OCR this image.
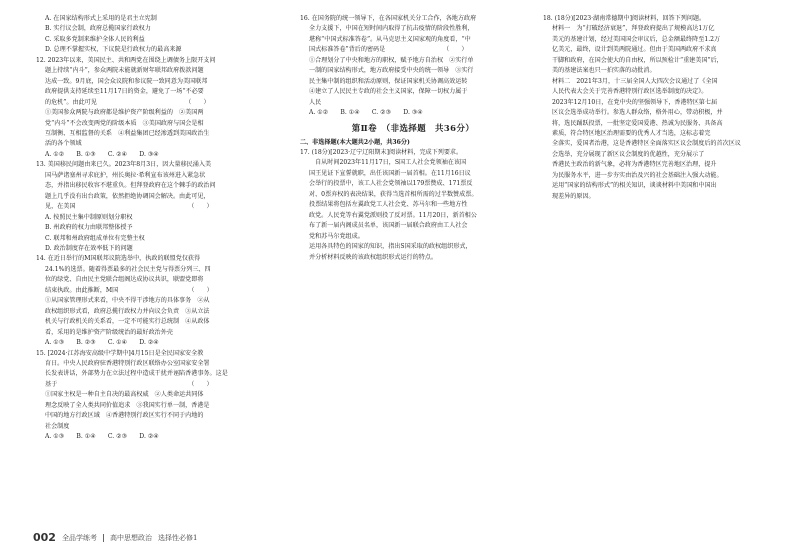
A. 在国家结构形式上采用的是君主立宪制
B. 实行议会制，政府总揽国家行政权力
C. 采取多党制来维护全体人民的利益
D. 总理不掌握实权，下议院是行政权力的最高来源
12. 2023年以来，美国民主、共和两党在围绕上调债务上限开支问
题上持续“内斗”，参众两院未能就新财年联邦政府拨款问题
达成一致。9月底，国会众议院和参议院一致同意为美国联邦
政府提供支持延续至11月17日的资金，避免了一场“不必要
的危机”。由此可见　　　　　　　　　　　　　　　（　　）
①美国参众两院与政府都是维护资产阶级利益的　②美国两
党“内斗”不会改变两党的阶级本质　③美国政府与国会是相
互制衡、互相监督的关系　④利益集团已经渗透到美国政治生
活的各个领域
A. ①②　　B. ①③　　C. ②④　　D. ③④
13. 美国移民问题由来已久。2023年8月3日，因大量移民涌入美
国马萨诸塞州寻求庇护，州长奥拉·希利宣布该州进入紧急状
态，并指出移民收容不堪重负。但拜登政府在这个棘手的政治问
题上几乎没有出台政策，依然拒绝协调国会解决。由此可见，
见，在美国　　　　　　　　　　　　　　　　　　　（　　）
A. 按照民主集中制原则划分职权
B. 州政府的权力由联邦整体授予
C. 联邦和州政府组成单位有完整主权
D. 政治制度存在效率低下的问题
14. 在近日举行的M国联邦议院选举中，执政的联盟党仅获得
24.1%的选票。随着得票最多的社会民主党与得票分列三、四
位的绿党、自由民主党联合组阁达成协议共识，联盟党即将
结束执政。由此推断，M国　　　　　　　　　　　　（　　）
①从国家管理形式来看，中央不得干涉地方的具体事务　②从
政权组织形式看，政府总揽行政权力并向议会负责　③从立法
机关与行政机关的关系看，一定不可能实行总统制　④从政体
看，采用的是维护资产阶级统治的最好政治外壳
A. ①③　　B. ②③　　C. ①④　　D. ②④
15. [2024·江苏海安高级中学期中]4月15日是全民国家安全教
育日。中央人民政府驻香港特别行政区联络办公室国家安全署
长发表讲话，外部势力在立法过程中造成干扰并诬陷香港事务。这是
基于　　　　　　　　　　　　　　　　　　　　　　（　　）
①国家主权是一种自主自决的最高权威　②人类命运共同体
理念反映了全人类共同价值追求　③我国实行单一制，香港是
中国的地方行政区域　④香港特别行政区实行不同于内地的
社会制度
A. ①③　　B. ①④　　C. ②③　　D. ②④
16. 在国务院的统一领导下，在各国家机关分工合作，各地方政府
全力支援下，中国在短时间内取得了抗击疫情的阶段性胜利，
堪称“中国式标准答卷”。从马克思主义国家观的角度看，“中
国式标准答卷”背后的密码是　　　　　　　　　　（　　）
①合理划分了中央和地方的职权，赋予地方自治权　②实行单
一制的国家结构形式，地方政府接受中央的统一领导　③实行
民主集中制的组织和活动原则，保证国家机关协调高效运转
④建立了人民民主专政的社会主义国家，保障一切权力属于
人民
A. ①②　　B. ①④　　C. ②③　　D. ③④
第Ⅱ卷　（非选择题　共36分）
二、非选择题(本大题共2小题，共36分)
17. (18分)[2023·辽宁辽阳期末]阅读材料，完成下列要求。
　自从时间2023年11月17日，S国工人社会党领袖在该国
国王见证下宣誓就职，出任该国新一届首相。在11月16日议
会举行的投票中，该工人社会党领袖以179票赞成、171票反
对、0票弃权的表决结果，获得当选首相所需的过半数赞成票。
投票结果将包括左翼政党工人社会党、苏马尔和一些地方性
政党。人民党等右翼党派则投了反对票。11月20日，新首相公
布了新一届内阁成员名单，该国新一届联合政府由工人社会
党和苏马尔党组成。
运用各具特色的国家的知识，指出S国采取的政权组织形式，
并分析材料反映的该政权组织形式运行的特点。
18. (18分)[2023·湖南常德期中]阅读材料，回答下列问题。
材料一　为“打破经济衰退”，拜登政府提出了规模高达1万亿
美元的基建计划，经过美国国会审议后，总金额最终降至1.2万
亿美元，最终，设计到美两院通过。但由于美国两政府不求真
干脚和政府，在国会使大的自由权，所以预检计“重建美国”后，
美的基建法案也只一拍实落的动批消。
材料二　2021年3月，十三届全国人大四次会议通过了《全国
人民代表大会关于完善香港特别行政区选举制度的决定》。
2023年12月10日，在党中央的坚强领导下，香港特区第七届
区议会选举成功举行。参选人群众络，格外用心，带动积极，并
将，选民踊跃投票，一批坚定爱国爱港、热诚为民服务、具备高
素质，符合特区地区治理需要的优秀人才当选，这标志着完
全落实，爱国者治港，这是香港特区全面落实区议会制度后的首次区议
会选举，充分展现了新区议会制度的优越性，充分展示了
香港民主政治的新气象，必将为香港特区完善地区治理，提升
为民服务水平，进一步夯实由治及兴的社会基础注入强大动能。
运用“国家的结构形式”的相关知识，谈谈材料中美国和中国出
现差异的原因。
002 全品学练考 高中思想政治 选择性必修1
